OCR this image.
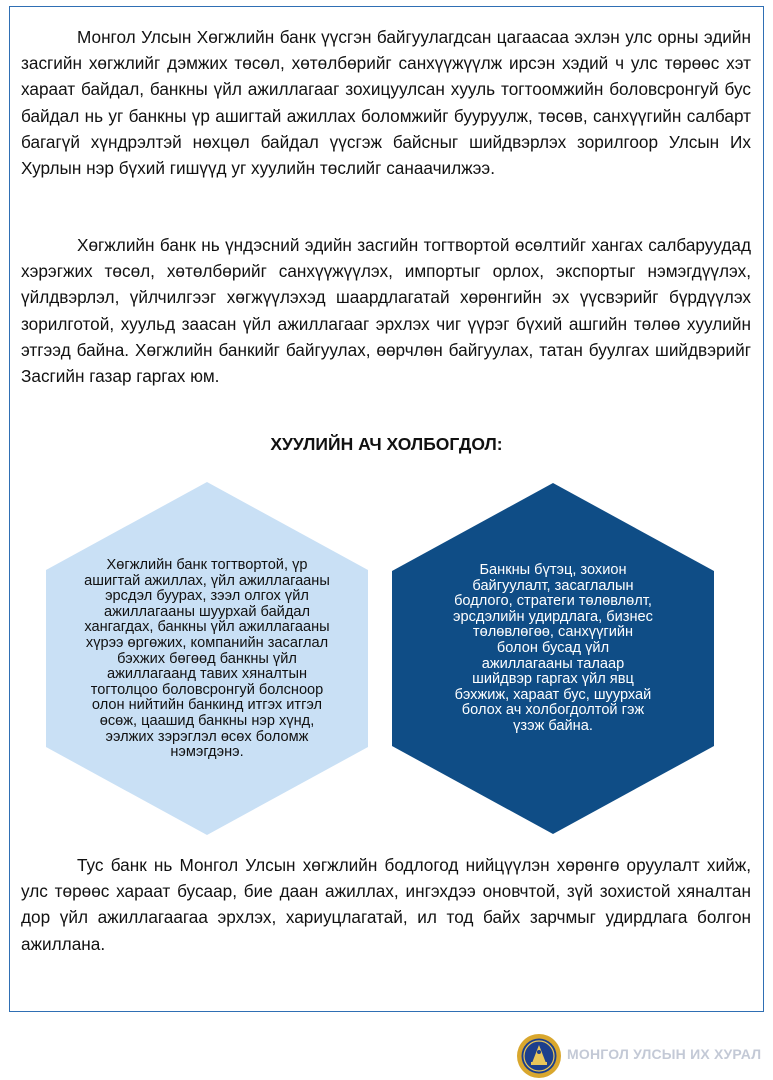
Монгол Улсын Хөгжлийн банк үүсгэн байгуулагдсан цагаасаа эхлэн улс орны эдийн засгийн хөгжлийг дэмжих төсөл, хөтөлбөрийг санхүүжүүлж ирсэн хэдий ч улс төрөөс хэт хараат байдал, банкны үйл ажиллагааг зохицуулсан хууль тогтоомжийн боловсронгуй бус байдал нь уг банкны үр ашигтай ажиллах боломжийг бууруулж, төсөв, санхүүгийн салбарт багагүй хүндрэлтэй нөхцөл байдал үүсгэж байсныг шийдвэрлэх зорилгоор Улсын Их Хурлын нэр бүхий гишүүд уг хуулийн төслийг санаачилжээ.

Хөгжлийн банк нь үндэсний эдийн засгийн тогтвортой өсөлтийг хангах салбаруудад хэрэгжих төсөл, хөтөлбөрийг санхүүжүүлэх, импортыг орлох, экспортыг нэмэгдүүлэх, үйлдвэрлэл, үйлчилгээг хөгжүүлэхэд шаардлагатай хөрөнгийн эх үүсвэрийг бүрдүүлэх зорилготой, хуульд заасан үйл ажиллагааг эрхлэх чиг үүрэг бүхий ашгийн төлөө хуулийн этгээд байна. Хөгжлийн банкийг байгуулах, өөрчлөн байгуулах, татан буулгах шийдвэрийг Засгийн газар гаргах юм.

ХУУЛИЙН АЧ ХОЛБОГДОЛ:
Хөгжлийн банк тогтвортой, үр
ашигтай ажиллах, үйл ажиллагааны
эрсдэл буурах, зээл олгох үйл
ажиллагааны шуурхай байдал
хангагдах, банкны үйл ажиллагааны
хүрээ өргөжих, компанийн засаглал
бэхжих бөгөөд банкны үйл
ажиллагаанд тавих хяналтын
тогтолцоо боловсронгуй болсноор
олон нийтийн банкинд итгэх итгэл
өсөж, цаашид банкны нэр хүнд,
ээлжих зэрэглэл өсөх боломж
нэмэгдэнэ.
Банкны бүтэц, зохион
байгуулалт, засаглалын
бодлого, стратеги төлөвлөлт,
эрсдэлийн удирдлага, бизнес
төлөвлөгөө, санхүүгийн
болон бусад үйл
ажиллагааны талаар
шийдвэр гаргах үйл явц
бэхжиж, хараат бус, шуурхай
болох ач холбогдолтой гэж
үзэж байна.

Тус банк нь Монгол Улсын хөгжлийн бодлогод нийцүүлэн хөрөнгө оруулалт хийж, улс төрөөс хараат бусаар, бие даан ажиллах, ингэхдээ оновчтой, зүй зохистой хяналтан дор үйл ажиллагаагаа эрхлэх, хариуцлагатай, ил тод байх зарчмыг удирдлага болгон ажиллана.

МОНГОЛ УЛСЫН ИХ ХУРАЛ
